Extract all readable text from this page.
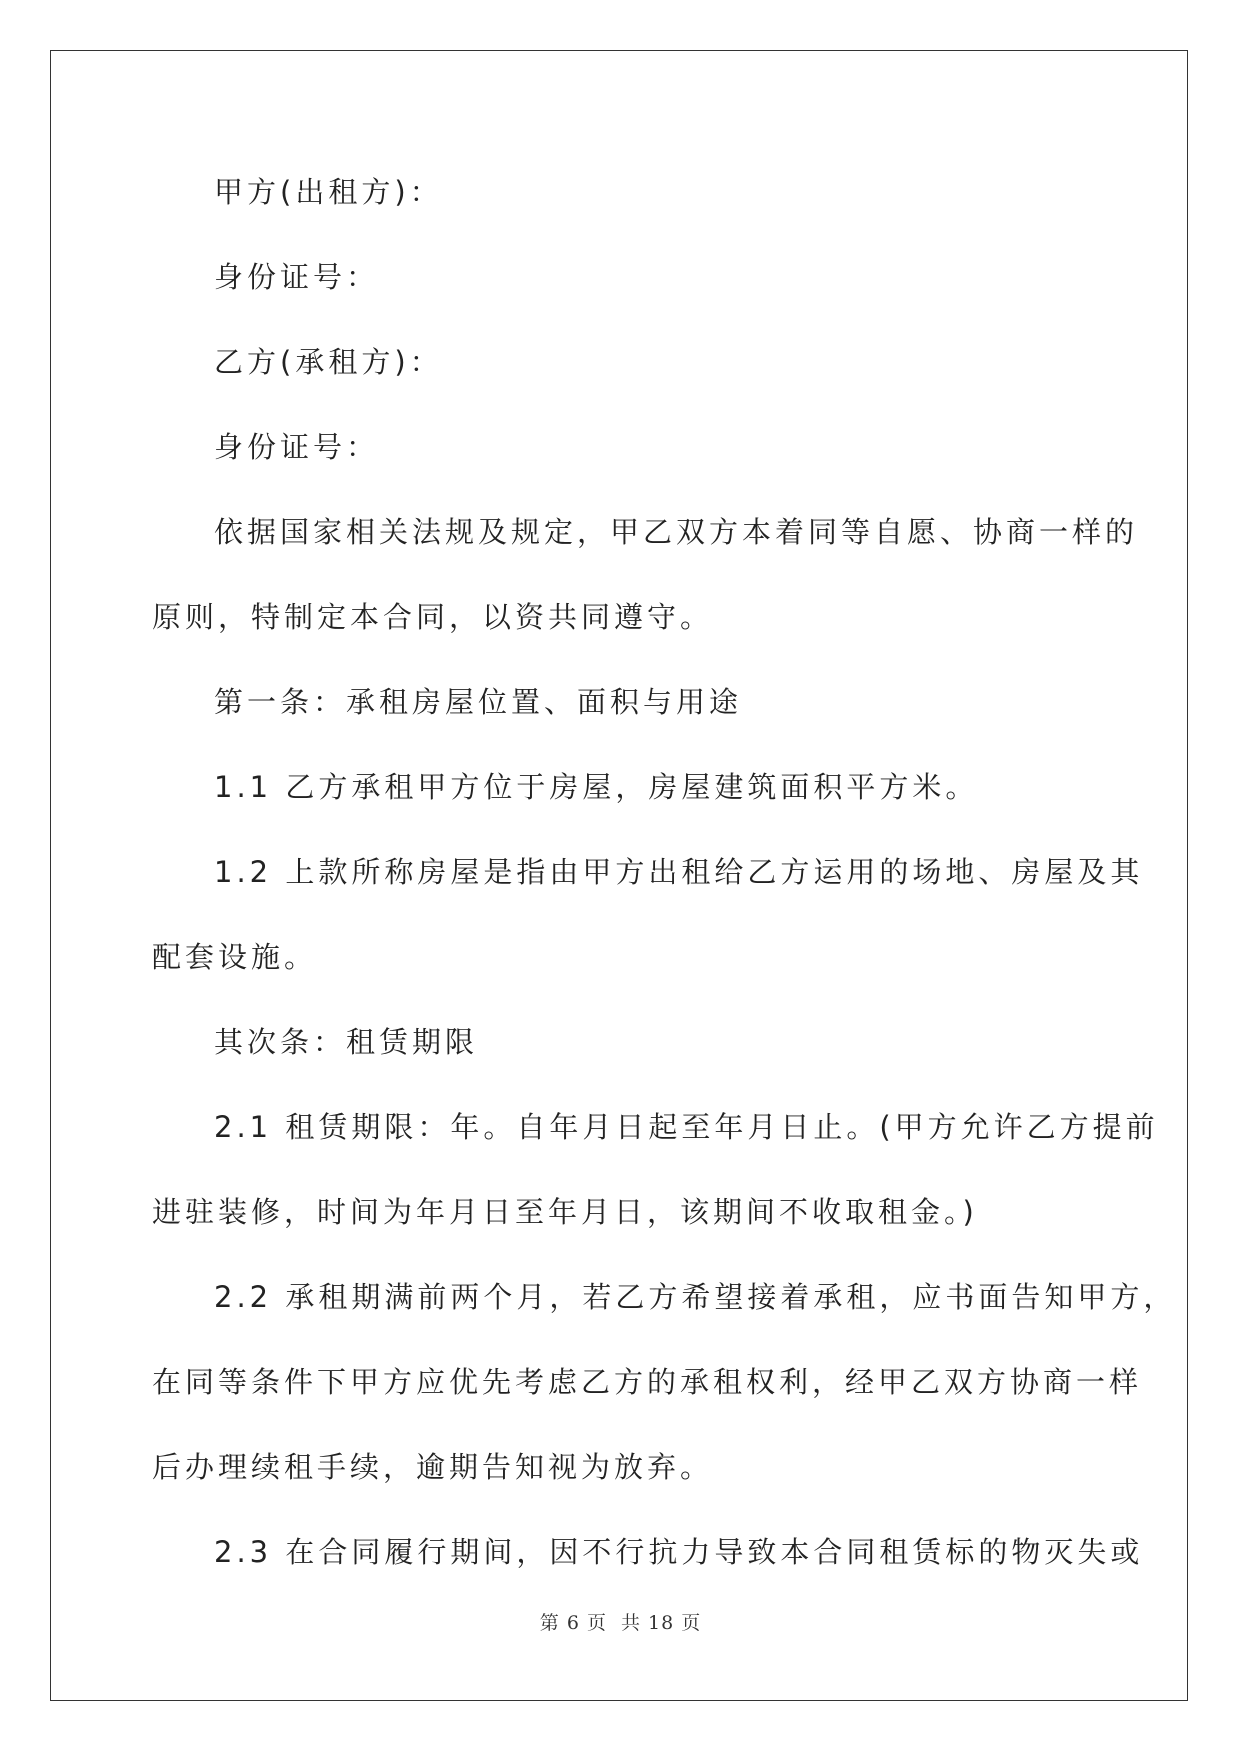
甲方(出租方)：

身份证号：

乙方(承租方)：

身份证号：

依据国家相关法规及规定，甲乙双方本着同等自愿、协商一样的

原则，特制定本合同，以资共同遵守。

第一条：承租房屋位置、面积与用途

1.1 乙方承租甲方位于房屋，房屋建筑面积平方米。

1.2 上款所称房屋是指由甲方出租给乙方运用的场地、房屋及其

配套设施。

其次条：租赁期限

2.1 租赁期限：年。自年月日起至年月日止。(甲方允许乙方提前

进驻装修，时间为年月日至年月日，该期间不收取租金。)

2.2 承租期满前两个月，若乙方希望接着承租，应书面告知甲方，

在同等条件下甲方应优先考虑乙方的承租权利，经甲乙双方协商一样

后办理续租手续，逾期告知视为放弃。

2.3 在合同履行期间，因不行抗力导致本合同租赁标的物灭失或

第 6 页 共 18 页
